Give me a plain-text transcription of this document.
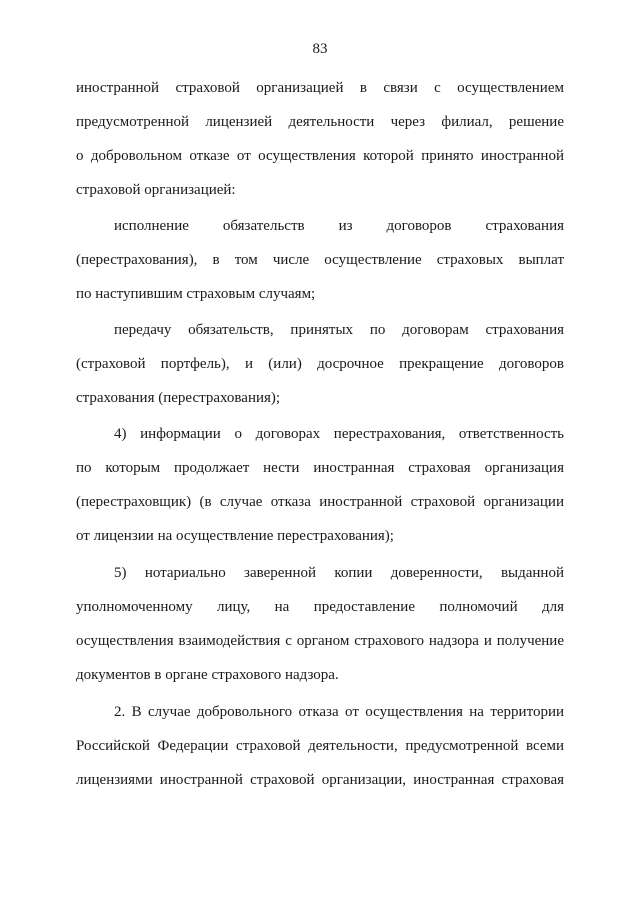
83
иностранной страховой организацией в связи с осуществлением
предусмотренной лицензией деятельности через филиал, решение
о добровольном отказе от осуществления которой принято иностранной
страховой организацией:
исполнение обязательств из договоров страхования
(перестрахования), в том числе осуществление страховых выплат
по наступившим страховым случаям;
передачу обязательств, принятых по договорам страхования
(страховой портфель), и (или) досрочное прекращение договоров
страхования (перестрахования);
4) информации о договорах перестрахования, ответственность
по которым продолжает нести иностранная страховая организация
(перестраховщик) (в случае отказа иностранной страховой организации
от лицензии на осуществление перестрахования);
5) нотариально заверенной копии доверенности, выданной
уполномоченному лицу, на предоставление полномочий для
осуществления взаимодействия с органом страхового надзора и получение
документов в органе страхового надзора.
2. В случае добровольного отказа от осуществления на территории
Российской Федерации страховой деятельности, предусмотренной всеми
лицензиями иностранной страховой организации, иностранная страховая
